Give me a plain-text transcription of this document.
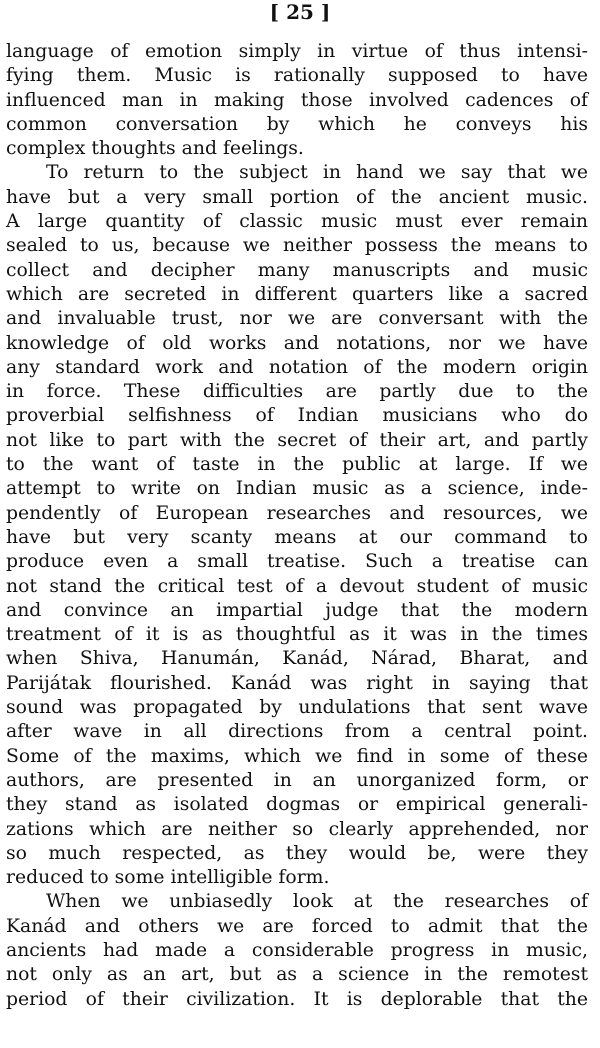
[ 25 ]
language of emotion simply in virtue of thus intensi-
fying them. Music is rationally supposed to have
influenced man in making those involved cadences of
common conversation by which he conveys his
complex thoughts and feelings.
To return to the subject in hand we say that we
have but a very small portion of the ancient music.
A large quantity of classic music must ever remain
sealed to us, because we neither possess the means to
collect and decipher many manuscripts and music
which are secreted in different quarters like a sacred
and invaluable trust, nor we are conversant with the
knowledge of old works and notations, nor we have
any standard work and notation of the modern origin
in force. These difficulties are partly due to the
proverbial selfishness of Indian musicians who do
not like to part with the secret of their art, and partly
to the want of taste in the public at large. If we
attempt to write on Indian music as a science, inde-
pendently of European researches and resources, we
have but very scanty means at our command to
produce even a small treatise. Such a treatise can
not stand the critical test of a devout student of music
and convince an impartial judge that the modern
treatment of it is as thoughtful as it was in the times
when Shiva, Hanumán, Kanád, Nárad, Bharat, and
Parijátak flourished. Kanád was right in saying that
sound was propagated by undulations that sent wave
after wave in all directions from a central point.
Some of the maxims, which we find in some of these
authors, are presented in an unorganized form, or
they stand as isolated dogmas or empirical generali-
zations which are neither so clearly apprehended, nor
so much respected, as they would be, were they
reduced to some intelligible form.
When we unbiasedly look at the researches of
Kanád and others we are forced to admit that the
ancients had made a considerable progress in music,
not only as an art, but as a science in the remotest
period of their civilization. It is deplorable that the
